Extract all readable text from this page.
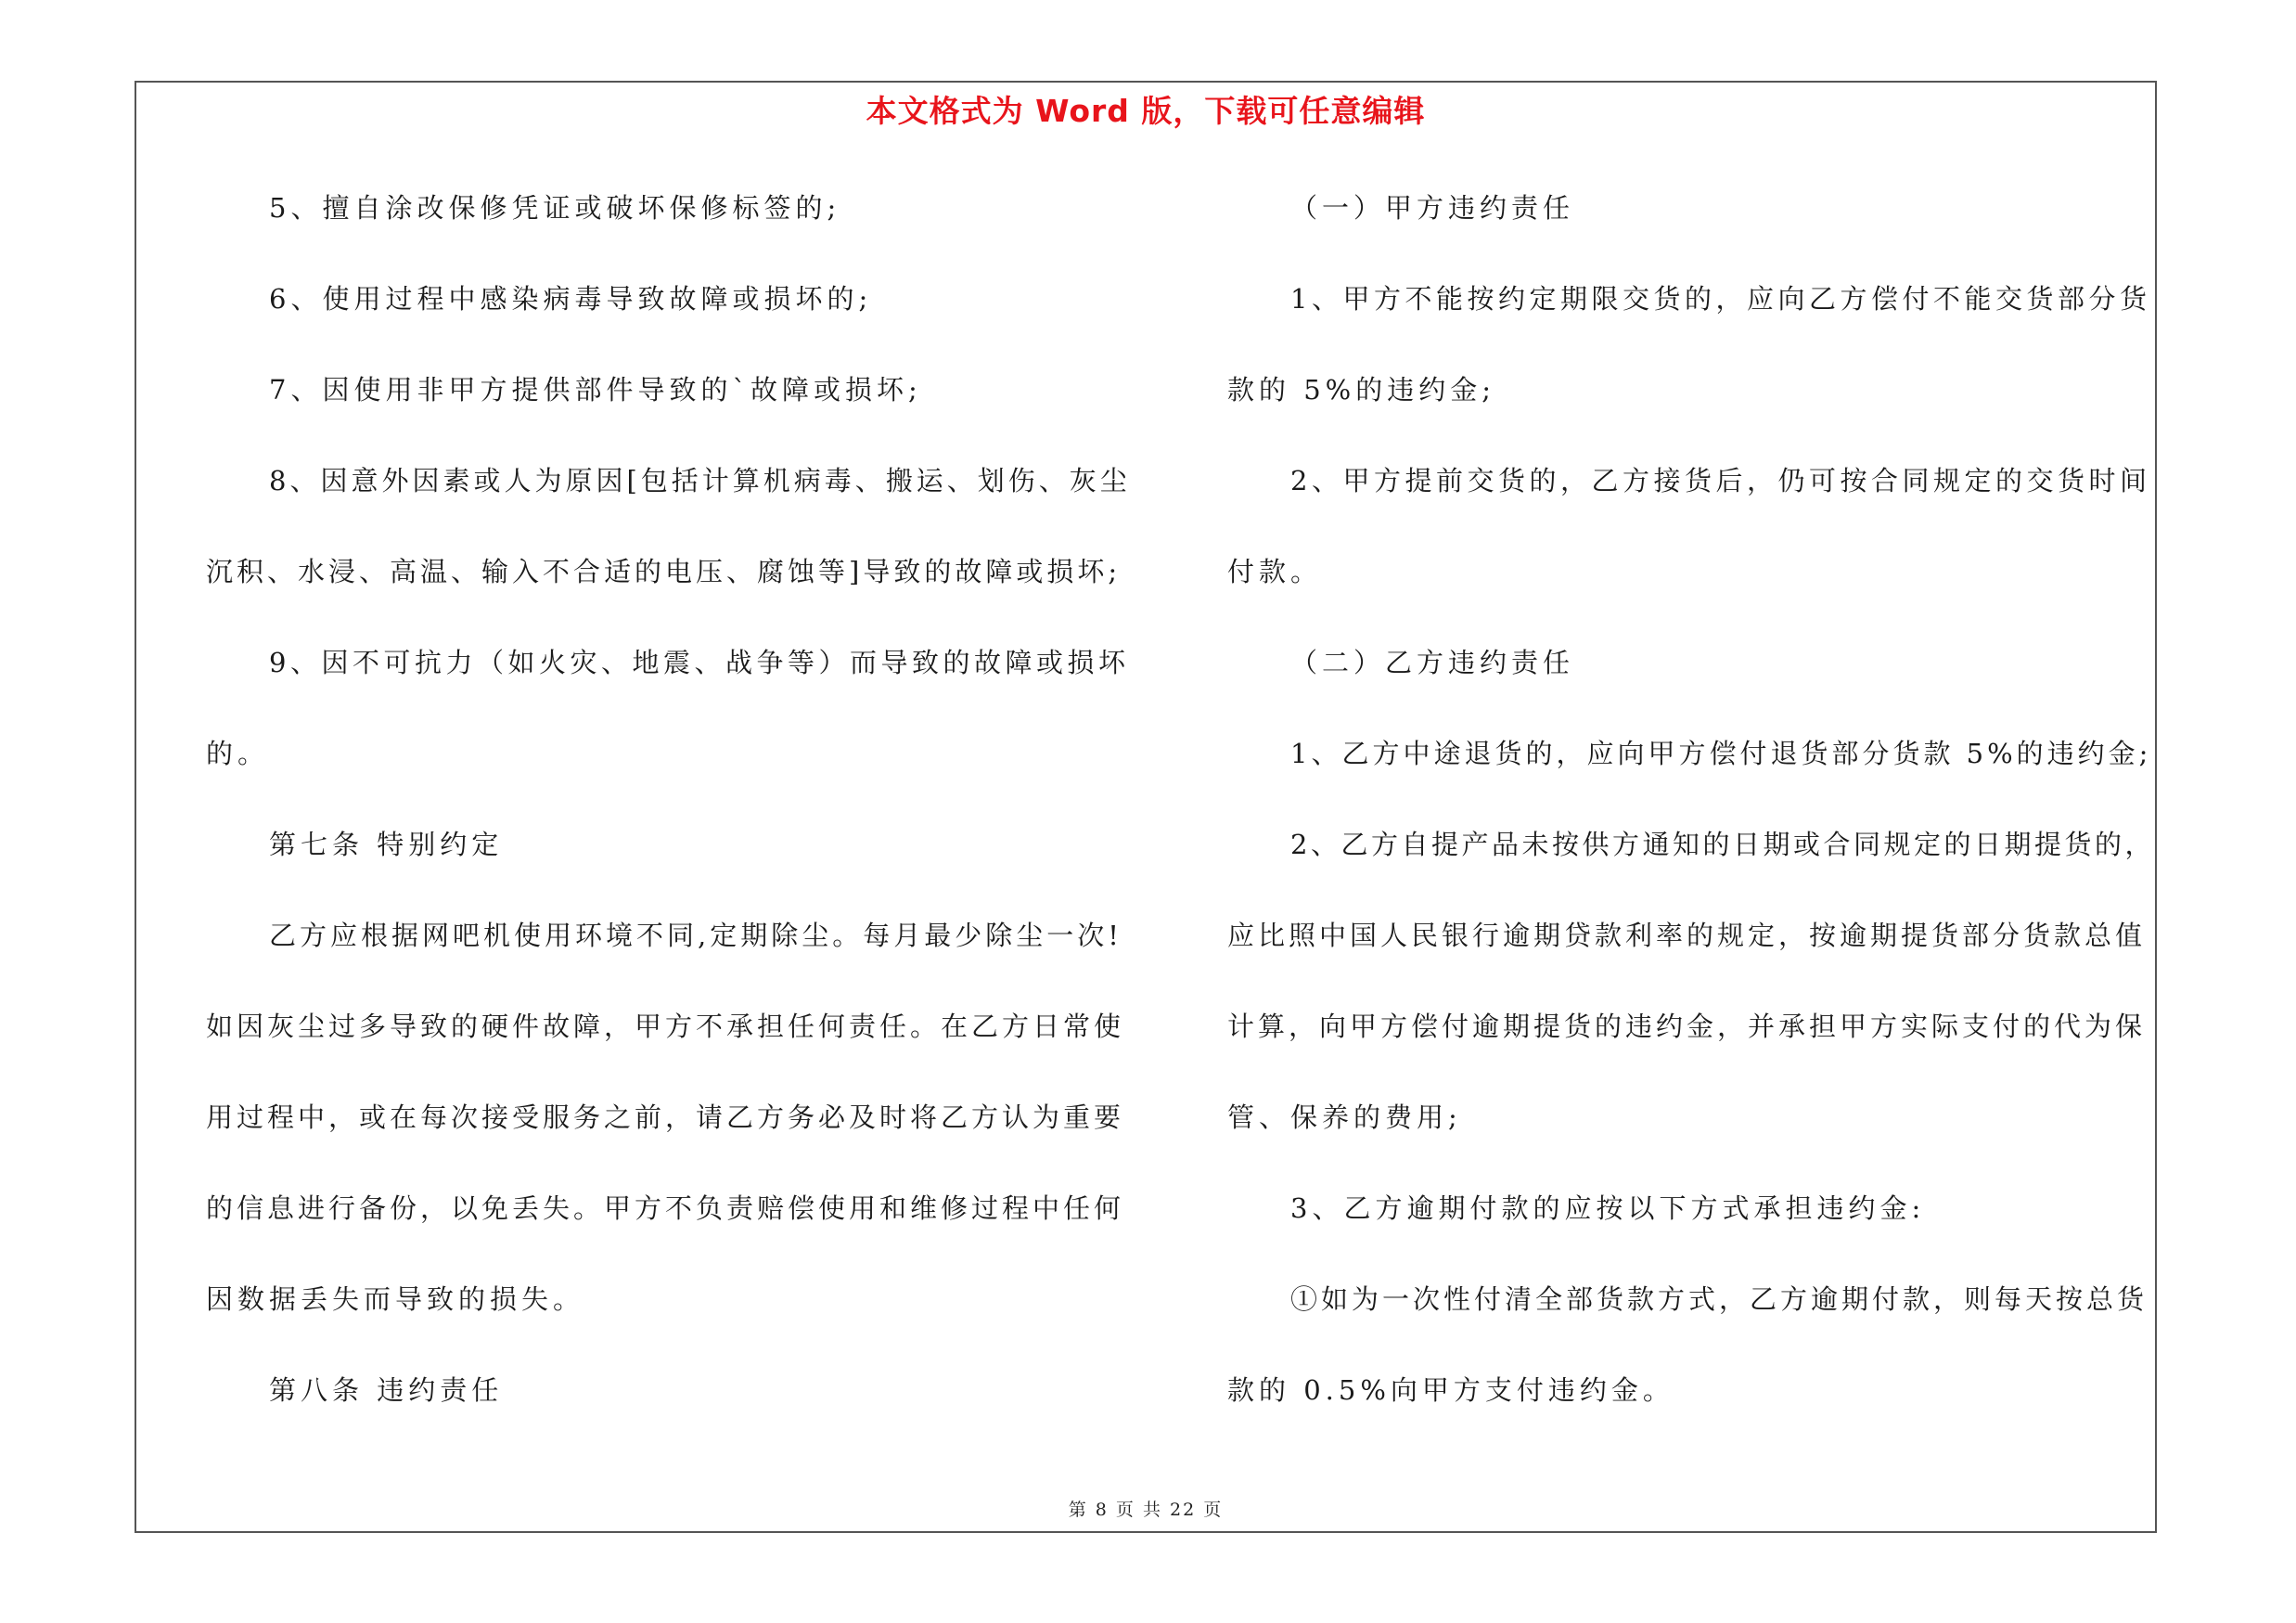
本文格式为 Word 版，下载可任意编辑
5、擅自涂改保修凭证或破坏保修标签的;
6、使用过程中感染病毒导致故障或损坏的;
7、因使用非甲方提供部件导致的`故障或损坏;
8、因意外因素或人为原因[包括计算机病毒、搬运、划伤、灰尘
沉积、水浸、高温、输入不合适的电压、腐蚀等]导致的故障或损坏;
9、因不可抗力（如火灾、地震、战争等）而导致的故障或损坏
的。
第七条 特别约定
乙方应根据网吧机使用环境不同,定期除尘。每月最少除尘一次!
如因灰尘过多导致的硬件故障，甲方不承担任何责任。在乙方日常使
用过程中，或在每次接受服务之前，请乙方务必及时将乙方认为重要
的信息进行备份，以免丢失。甲方不负责赔偿使用和维修过程中任何
因数据丢失而导致的损失。
第八条 违约责任
（一）甲方违约责任
1、甲方不能按约定期限交货的，应向乙方偿付不能交货部分货
款的 5%的违约金;
2、甲方提前交货的，乙方接货后，仍可按合同规定的交货时间
付款。
（二）乙方违约责任
1、乙方中途退货的，应向甲方偿付退货部分货款 5%的违约金;
2、乙方自提产品未按供方通知的日期或合同规定的日期提货的，
应比照中国人民银行逾期贷款利率的规定，按逾期提货部分货款总值
计算，向甲方偿付逾期提货的违约金，并承担甲方实际支付的代为保
管、保养的费用;
3、乙方逾期付款的应按以下方式承担违约金:
①如为一次性付清全部货款方式，乙方逾期付款，则每天按总货
款的 0.5%向甲方支付违约金。
第 8 页 共 22 页
